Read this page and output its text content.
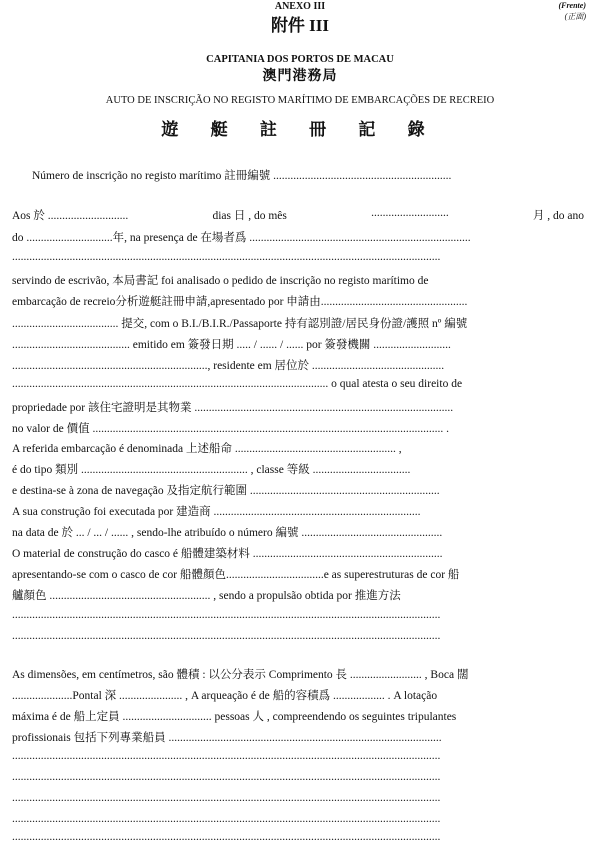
ANEXO III
附件 III
(Frente)
(正面)
CAPITANIA DOS PORTOS DE MACAU
澳門港務局
AUTO DE INSCRIÇÃO NO REGISTO MARÍTIMO DE EMBARCAÇÕES DE RECREIO
遊 艇 註 冊 記 錄
Número de inscrição no registo marítimo 註冊編號 ..............................................................
Aos 於 ............................	dias 日 , do mês	...........................	月 , do ano
do ..............................年, na presença de 在場者爲 .............................................................................
.....................................................................................................................................................
servindo de escrivão, 本局書記 foi analisado o pedido de inscrição no registo marítimo de
embarcação de recreio分析遊艇註冊申請,apresentado por 申請由...................................................
..................................... 提交, com o B.I./B.I.R./Passaporte 持有認別證/居民身份證/護照 nº 編號
......................................... emitido em 簽發日期 ..... / ...... / ...... por 簽發機關 ...........................
...................................................................., residente em 居位於 ..............................................
.............................................................................................................. o qual atesta o seu direito de
propriedade por 該住宅證明是其物業 ..........................................................................................
no valor de 價值 .......................................................................................................................... .
A referida embarcação é denominada 上述船命 ........................................................ ,
é do tipo 類別 .......................................................... , classe 等級 ..................................
e destina-se à zona de navegação 及指定航行範圍 ..................................................................
A sua construção foi executada por 建造商 ........................................................................
na data de 於 ... / ... / ...... , sendo-lhe atribuído o número 編號 .................................................
O material de construção do casco é 船體建築材料 ..................................................................
apresentando-se com o casco de cor 船體顏色..................................e as superestruturas de cor 船
艫顏色 ........................................................ , sendo a propulsão obtida por 推進方法
.....................................................................................................................................................
.....................................................................................................................................................
As dimensões, em centímetros, são 體積 : 以公分表示 Comprimento 長 ......................... , Boca 闊
.....................Pontal 深 ...................... , A arqueação é de 船的容積爲 .................. . A lotação
máxima é de 船上定員 ............................... pessoas 人 , compreendendo os seguintes tripulantes
profissionais 包括下列專業船員 ...............................................................................................
.....................................................................................................................................................
.....................................................................................................................................................
.....................................................................................................................................................
.....................................................................................................................................................
.....................................................................................................................................................
